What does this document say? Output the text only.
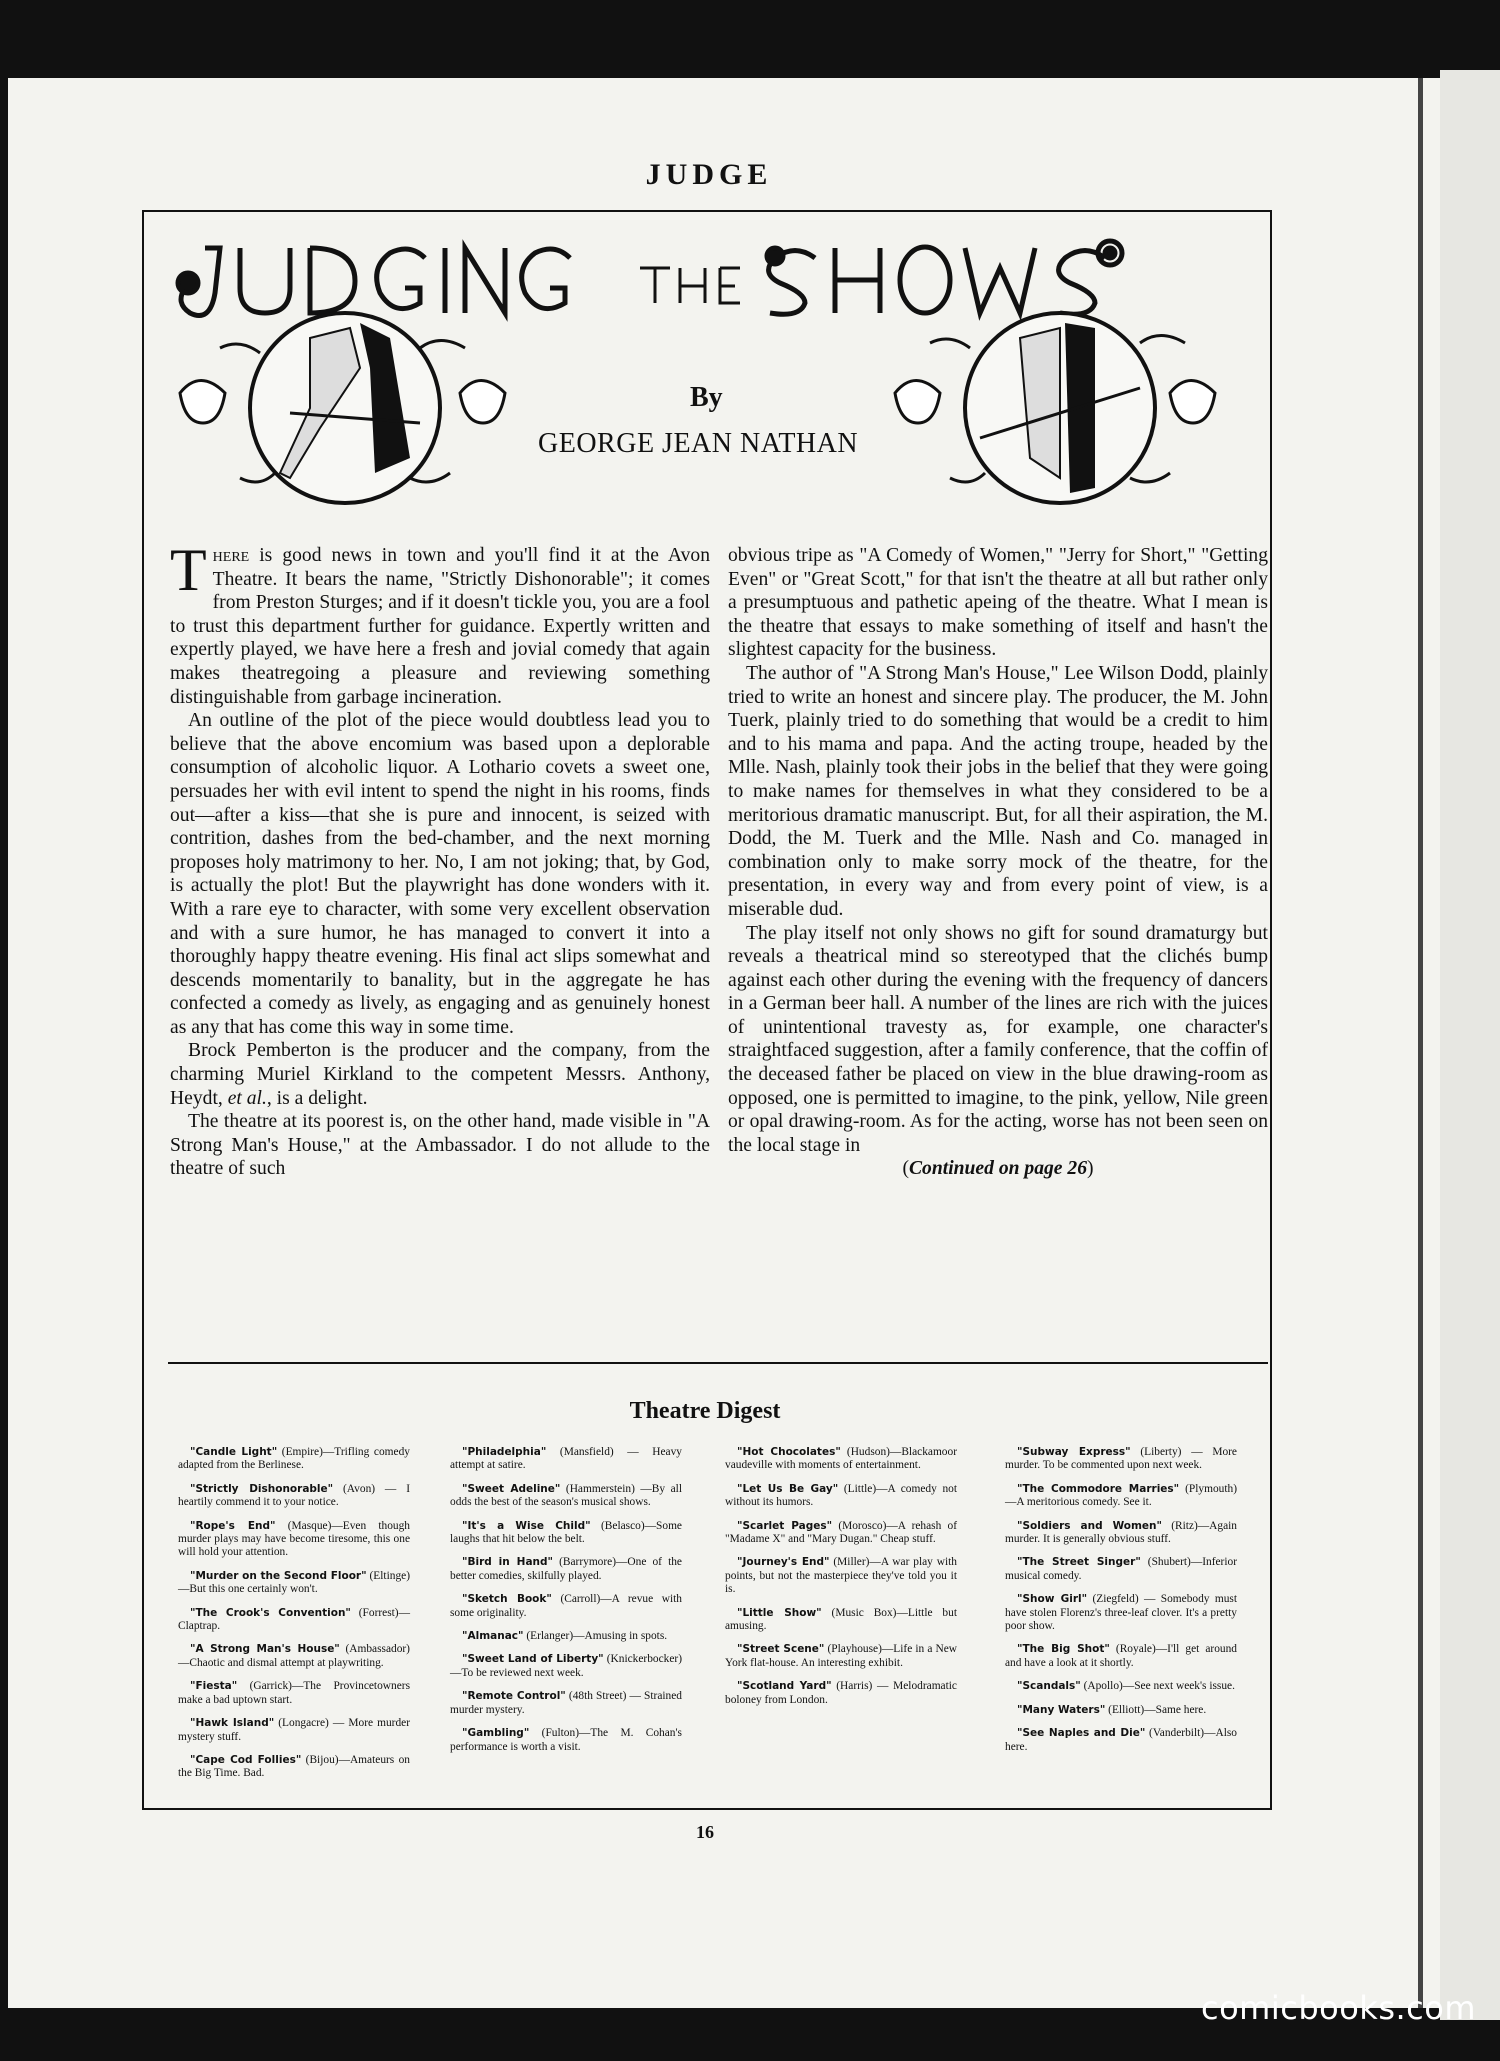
JUDGE
By
GEORGE JEAN NATHAN

There is good news in town and you'll find it at the Avon Theatre. It bears the name, "Strictly Dishonorable"; it comes from Preston Sturges; and if it doesn't tickle you, you are a fool to trust this department further for guidance. Expertly written and expertly played, we have here a fresh and jovial comedy that again makes theatregoing a pleasure and reviewing something distinguishable from garbage incineration.

An outline of the plot of the piece would doubtless lead you to believe that the above encomium was based upon a deplorable consumption of alcoholic liquor. A Lothario covets a sweet one, persuades her with evil intent to spend the night in his rooms, finds out—after a kiss—that she is pure and innocent, is seized with contrition, dashes from the bed-chamber, and the next morning proposes holy matrimony to her. No, I am not joking; that, by God, is actually the plot! But the playwright has done wonders with it. With a rare eye to character, with some very excellent observation and with a sure humor, he has managed to convert it into a thoroughly happy theatre evening. His final act slips somewhat and descends momentarily to banality, but in the aggregate he has confected a comedy as lively, as engaging and as genuinely honest as any that has come this way in some time.

Brock Pemberton is the producer and the company, from the charming Muriel Kirkland to the competent Messrs. Anthony, Heydt, et al., is a delight.

The theatre at its poorest is, on the other hand, made visible in "A Strong Man's House," at the Ambassador. I do not allude to the theatre of such

obvious tripe as "A Comedy of Women," "Jerry for Short," "Getting Even" or "Great Scott," for that isn't the theatre at all but rather only a presumptuous and pathetic apeing of the theatre. What I mean is the theatre that essays to make something of itself and hasn't the slightest capacity for the business.

The author of "A Strong Man's House," Lee Wilson Dodd, plainly tried to write an honest and sincere play. The producer, the M. John Tuerk, plainly tried to do something that would be a credit to him and to his mama and papa. And the acting troupe, headed by the Mlle. Nash, plainly took their jobs in the belief that they were going to make names for themselves in what they considered to be a meritorious dramatic manuscript. But, for all their aspiration, the M. Dodd, the M. Tuerk and the Mlle. Nash and Co. managed in combination only to make sorry mock of the theatre, for the presentation, in every way and from every point of view, is a miserable dud.

The play itself not only shows no gift for sound dramaturgy but reveals a theatrical mind so stereotyped that the clichés bump against each other during the evening with the frequency of dancers in a German beer hall. A number of the lines are rich with the juices of unintentional travesty as, for example, one character's straightfaced suggestion, after a family conference, that the coffin of the deceased father be placed on view in the blue drawing-room as opposed, one is permitted to imagine, to the pink, yellow, Nile green or opal drawing-room. As for the acting, worse has not been seen on the local stage in

(Continued on page 26)

Theatre Digest

"Candle Light" (Empire)—Trifling comedy adapted from the Berlinese.

"Strictly Dishonorable" (Avon) — I heartily commend it to your notice.

"Rope's End" (Masque)—Even though murder plays may have become tiresome, this one will hold your attention.

"Murder on the Second Floor" (Eltinge)—But this one certainly won't.

"The Crook's Convention" (Forrest)—Claptrap.

"A Strong Man's House" (Ambassador)—Chaotic and dismal attempt at playwriting.

"Fiesta" (Garrick)—The Provincetowners make a bad uptown start.

"Hawk Island" (Longacre) — More murder mystery stuff.

"Cape Cod Follies" (Bijou)—Amateurs on the Big Time. Bad.

"Philadelphia" (Mansfield) — Heavy attempt at satire.

"Sweet Adeline" (Hammerstein) —By all odds the best of the season's musical shows.

"It's a Wise Child" (Belasco)—Some laughs that hit below the belt.

"Bird in Hand" (Barrymore)—One of the better comedies, skilfully played.

"Sketch Book" (Carroll)—A revue with some originality.

"Almanac" (Erlanger)—Amusing in spots.

"Sweet Land of Liberty" (Knickerbocker)—To be reviewed next week.

"Remote Control" (48th Street) — Strained murder mystery.

"Gambling" (Fulton)—The M. Cohan's performance is worth a visit.

"Hot Chocolates" (Hudson)—Blackamoor vaudeville with moments of entertainment.

"Let Us Be Gay" (Little)—A comedy not without its humors.

"Scarlet Pages" (Morosco)—A rehash of "Madame X" and "Mary Dugan." Cheap stuff.

"Journey's End" (Miller)—A war play with points, but not the masterpiece they've told you it is.

"Little Show" (Music Box)—Little but amusing.

"Street Scene" (Playhouse)—Life in a New York flat-house. An interesting exhibit.

"Scotland Yard" (Harris) — Melodramatic boloney from London.

"Subway Express" (Liberty) — More murder. To be commented upon next week.

"The Commodore Marries" (Plymouth)—A meritorious comedy. See it.

"Soldiers and Women" (Ritz)—Again murder. It is generally obvious stuff.

"The Street Singer" (Shubert)—Inferior musical comedy.

"Show Girl" (Ziegfeld) — Somebody must have stolen Florenz's three-leaf clover. It's a pretty poor show.

"The Big Shot" (Royale)—I'll get around and have a look at it shortly.

"Scandals" (Apollo)—See next week's issue.

"Many Waters" (Elliott)—Same here.

"See Naples and Die" (Vanderbilt)—Also here.

16
comicbooks.com
